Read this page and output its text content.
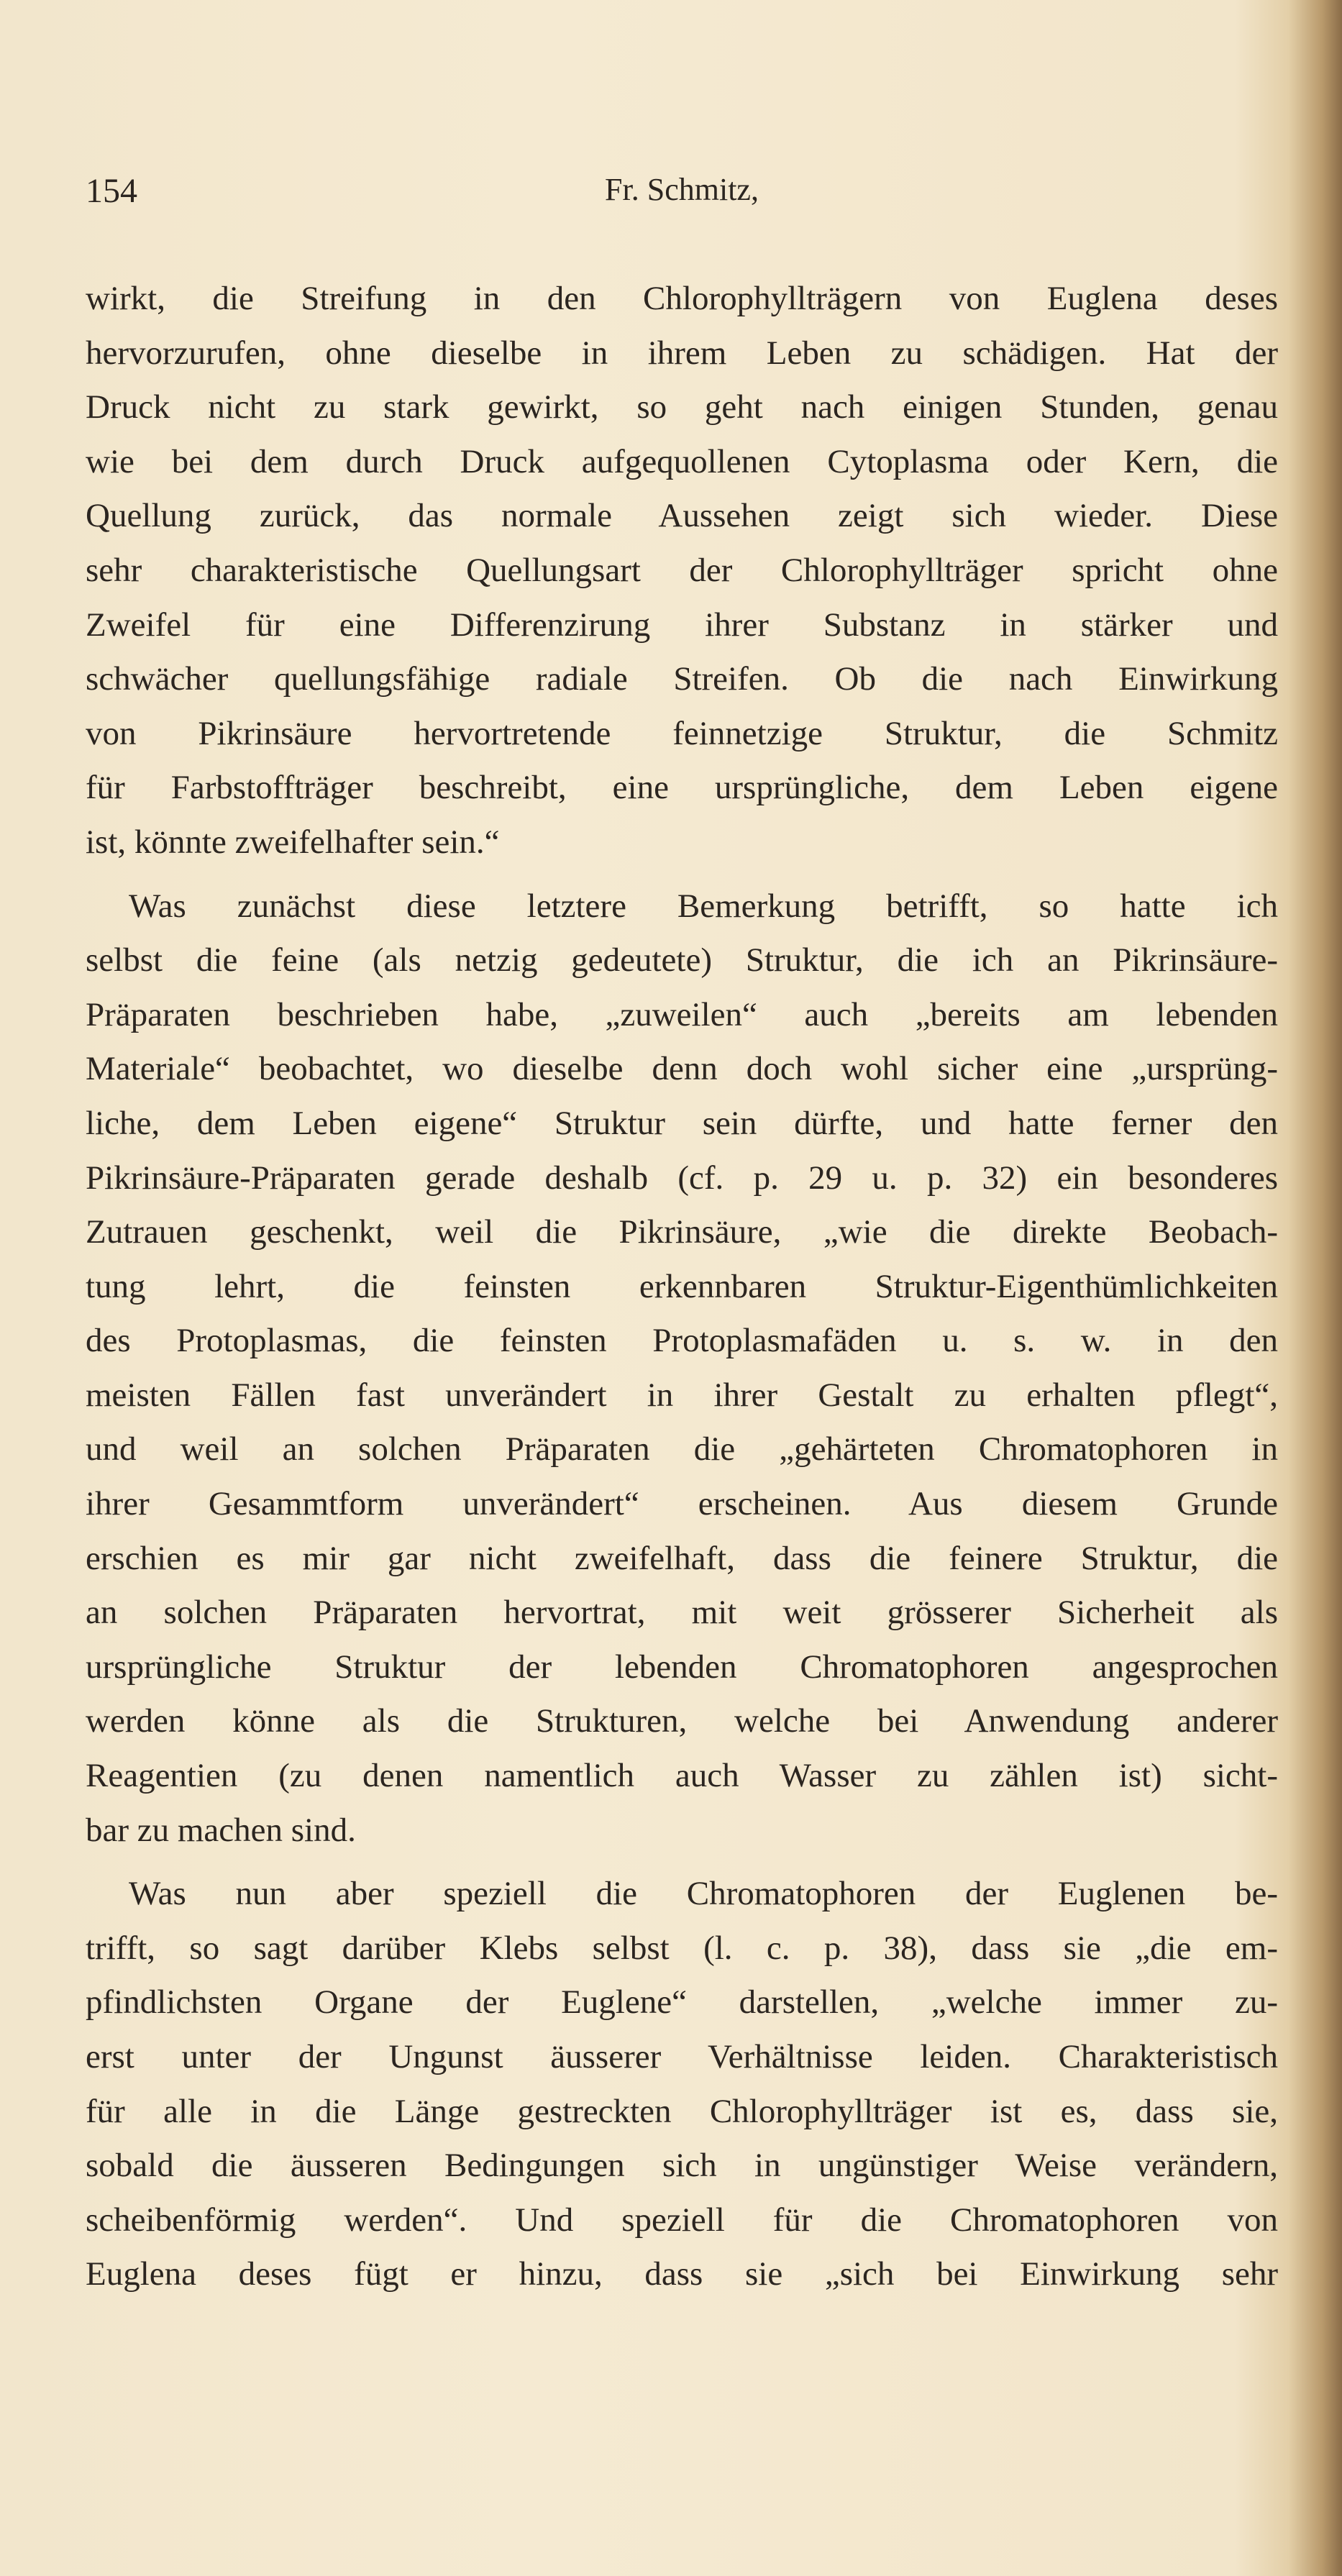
154	Fr. Schmitz,
wirkt, die Streifung in den Chlorophyllträgern von Euglena deses
hervorzurufen, ohne dieselbe in ihrem Leben zu schädigen. Hat der
Druck nicht zu stark gewirkt, so geht nach einigen Stunden, genau
wie bei dem durch Druck aufgequollenen Cytoplasma oder Kern, die
Quellung zurück, das normale Aussehen zeigt sich wieder. Diese
sehr charakteristische Quellungsart der Chlorophyllträger spricht ohne
Zweifel für eine Differenzirung ihrer Substanz in stärker und
schwächer quellungsfähige radiale Streifen. Ob die nach Einwirkung
von Pikrinsäure hervortretende feinnetzige Struktur, die Schmitz
für Farbstoffträger beschreibt, eine ursprüngliche, dem Leben eigene
ist, könnte zweifelhafter sein.“
Was zunächst diese letztere Bemerkung betrifft, so hatte ich
selbst die feine (als netzig gedeutete) Struktur, die ich an Pikrinsäure-
Präparaten beschrieben habe, „zuweilen“ auch „bereits am lebenden
Materiale“ beobachtet, wo dieselbe denn doch wohl sicher eine „ursprüng-
liche, dem Leben eigene“ Struktur sein dürfte, und hatte ferner den
Pikrinsäure-Präparaten gerade deshalb (cf. p. 29 u. p. 32) ein besonderes
Zutrauen geschenkt, weil die Pikrinsäure, „wie die direkte Beobach-
tung lehrt, die feinsten erkennbaren Struktur-Eigenthümlichkeiten
des Protoplasmas, die feinsten Protoplasmafäden u. s. w. in den
meisten Fällen fast unverändert in ihrer Gestalt zu erhalten pflegt“,
und weil an solchen Präparaten die „gehärteten Chromatophoren in
ihrer Gesammtform unverändert“ erscheinen. Aus diesem Grunde
erschien es mir gar nicht zweifelhaft, dass die feinere Struktur, die
an solchen Präparaten hervortrat, mit weit grösserer Sicherheit als
ursprüngliche Struktur der lebenden Chromatophoren angesprochen
werden könne als die Strukturen, welche bei Anwendung anderer
Reagentien (zu denen namentlich auch Wasser zu zählen ist) sicht-
bar zu machen sind.
Was nun aber speziell die Chromatophoren der Euglenen be-
trifft, so sagt darüber Klebs selbst (l. c. p. 38), dass sie „die em-
pfindlichsten Organe der Euglene“ darstellen, „welche immer zu-
erst unter der Ungunst äusserer Verhältnisse leiden. Charakteristisch
für alle in die Länge gestreckten Chlorophyllträger ist es, dass sie,
sobald die äusseren Bedingungen sich in ungünstiger Weise verändern,
scheibenförmig werden“. Und speziell für die Chromatophoren von
Euglena deses fügt er hinzu, dass sie „sich bei Einwirkung sehr
